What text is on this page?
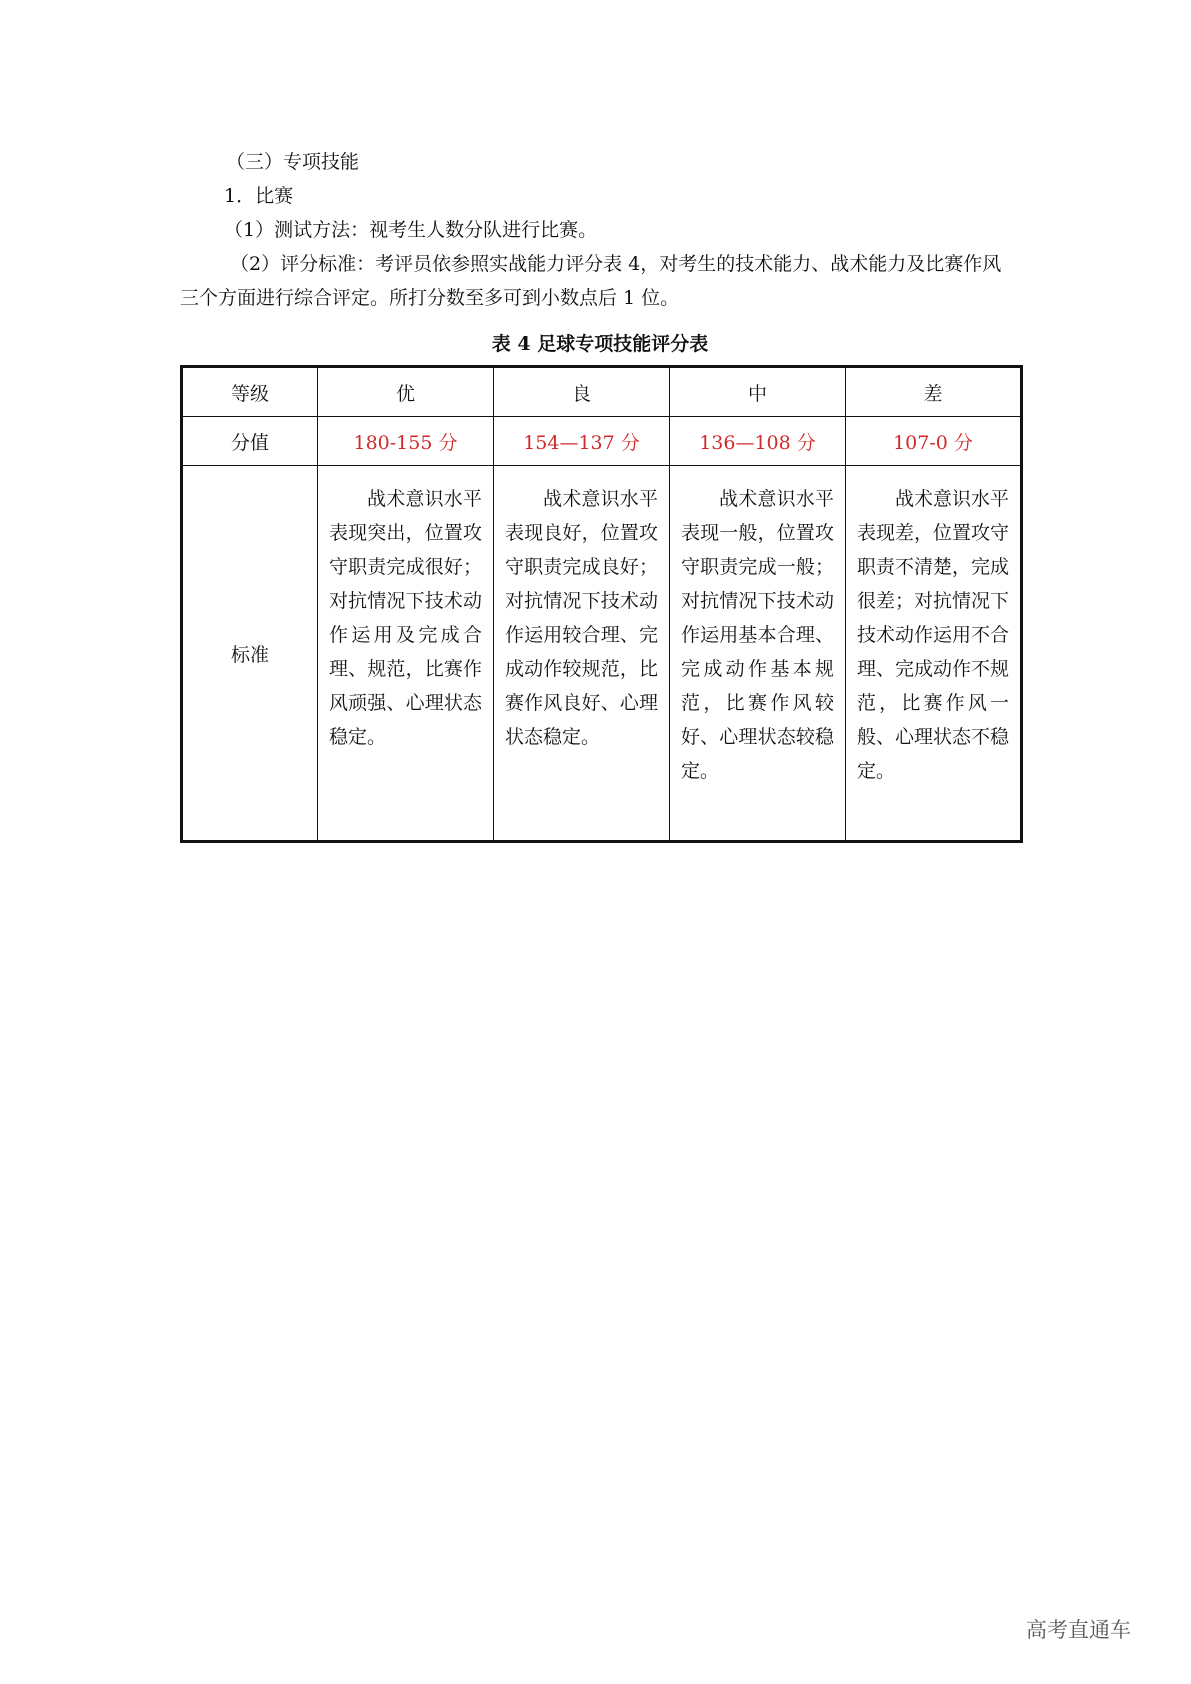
（三）专项技能

1．比赛

（1）测试方法：视考生人数分队进行比赛。

（2）评分标准：考评员依参照实战能力评分表 4，对考生的技术能力、战术能力及比赛作风三个方面进行综合评定。所打分数至多可到小数点后 1 位。

表 4 足球专项技能评分表
等级	优	良	中	差
分值	180-155 分	154—137 分	136—108 分	107-0 分
标准	战术意识水平表现突出，位置攻守职责完成很好；对抗情况下技术动作运用及完成合理、规范，比赛作风顽强、心理状态稳定。	战术意识水平表现良好，位置攻守职责完成良好；对抗情况下技术动作运用较合理、完成动作较规范，比赛作风良好、心理状态稳定。	战术意识水平表现一般，位置攻守职责完成一般；对抗情况下技术动作运用基本合理、完成动作基本规范，比赛作风较好、心理状态较稳定。	战术意识水平表现差，位置攻守职责不清楚，完成很差；对抗情况下技术动作运用不合理、完成动作不规范，比赛作风一般、心理状态不稳定。
高考直通车
